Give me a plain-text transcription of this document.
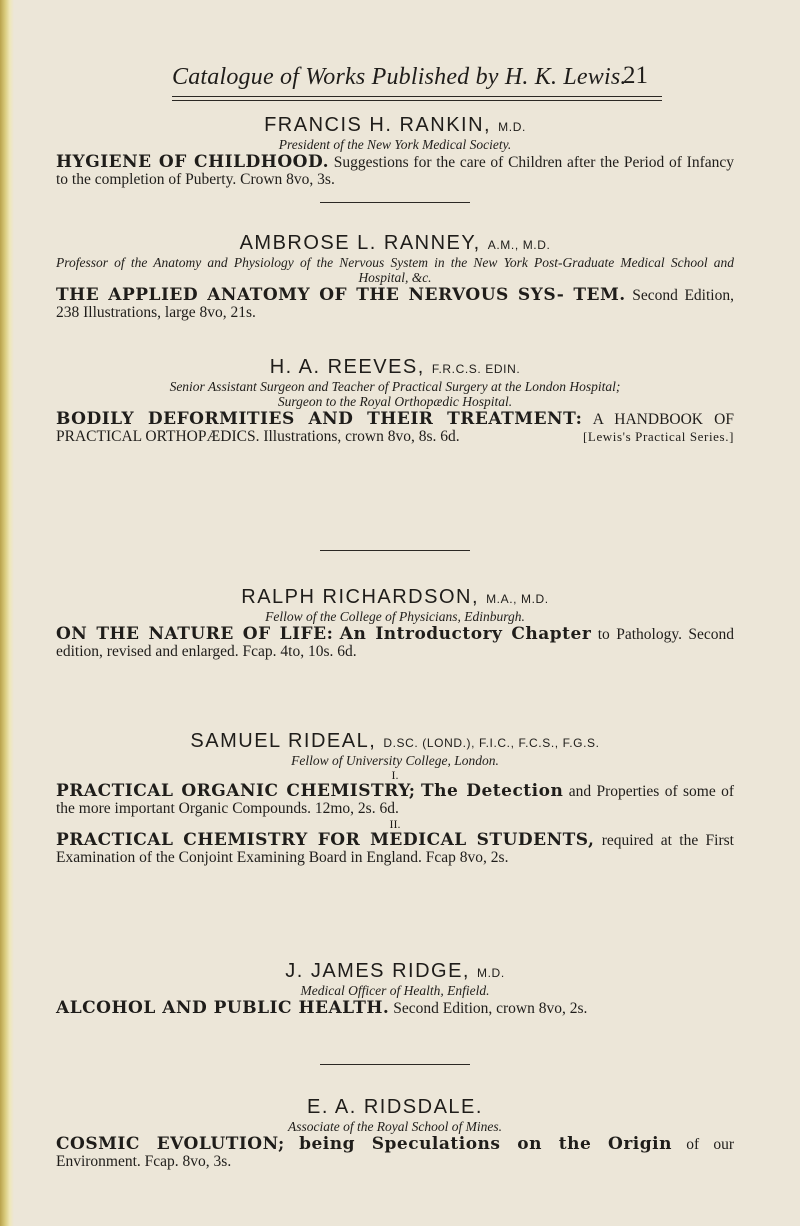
Catalogue of Works Published by H. K. Lewis.
21
FRANCIS H. RANKIN, M.D.
President of the New York Medical Society.
HYGIENE OF CHILDHOOD. Suggestions for the care of Children after the Period of Infancy to the completion of Puberty. Crown 8vo, 3s.
AMBROSE L. RANNEY, A.M., M.D.
Professor of the Anatomy and Physiology of the Nervous System in the New York Post-Graduate Medical School and Hospital, &c.
THE APPLIED ANATOMY OF THE NERVOUS SYS- TEM. Second Edition, 238 Illustrations, large 8vo, 21s.
H. A. REEVES, F.R.C.S. EDIN.
Senior Assistant Surgeon and Teacher of Practical Surgery at the London Hospital;
Surgeon to the Royal Orthopædic Hospital.
BODILY DEFORMITIES AND THEIR TREATMENT: A HANDBOOK OF PRACTICAL ORTHOPÆDICS. Illustrations, crown 8vo, 8s. 6d.	[Lewis's Practical Series.]
RALPH RICHARDSON, M.A., M.D.
Fellow of the College of Physicians, Edinburgh.
ON THE NATURE OF LIFE: An Introductory Chapter to Pathology. Second edition, revised and enlarged. Fcap. 4to, 10s. 6d.
SAMUEL RIDEAL, D.SC. (LOND.), F.I.C., F.C.S., F.G.S.
Fellow of University College, London.
I.
PRACTICAL ORGANIC CHEMISTRY; The Detection and Properties of some of the more important Organic Compounds. 12mo, 2s. 6d.
II.
PRACTICAL CHEMISTRY FOR MEDICAL STUDENTS, required at the First Examination of the Conjoint Examining Board in England. Fcap 8vo, 2s.
J. JAMES RIDGE, M.D.
Medical Officer of Health, Enfield.
ALCOHOL AND PUBLIC HEALTH. Second Edition, crown 8vo, 2s.
E. A. RIDSDALE.
Associate of the Royal School of Mines.
COSMIC EVOLUTION; being Speculations on the Origin of our Environment. Fcap. 8vo, 3s.
